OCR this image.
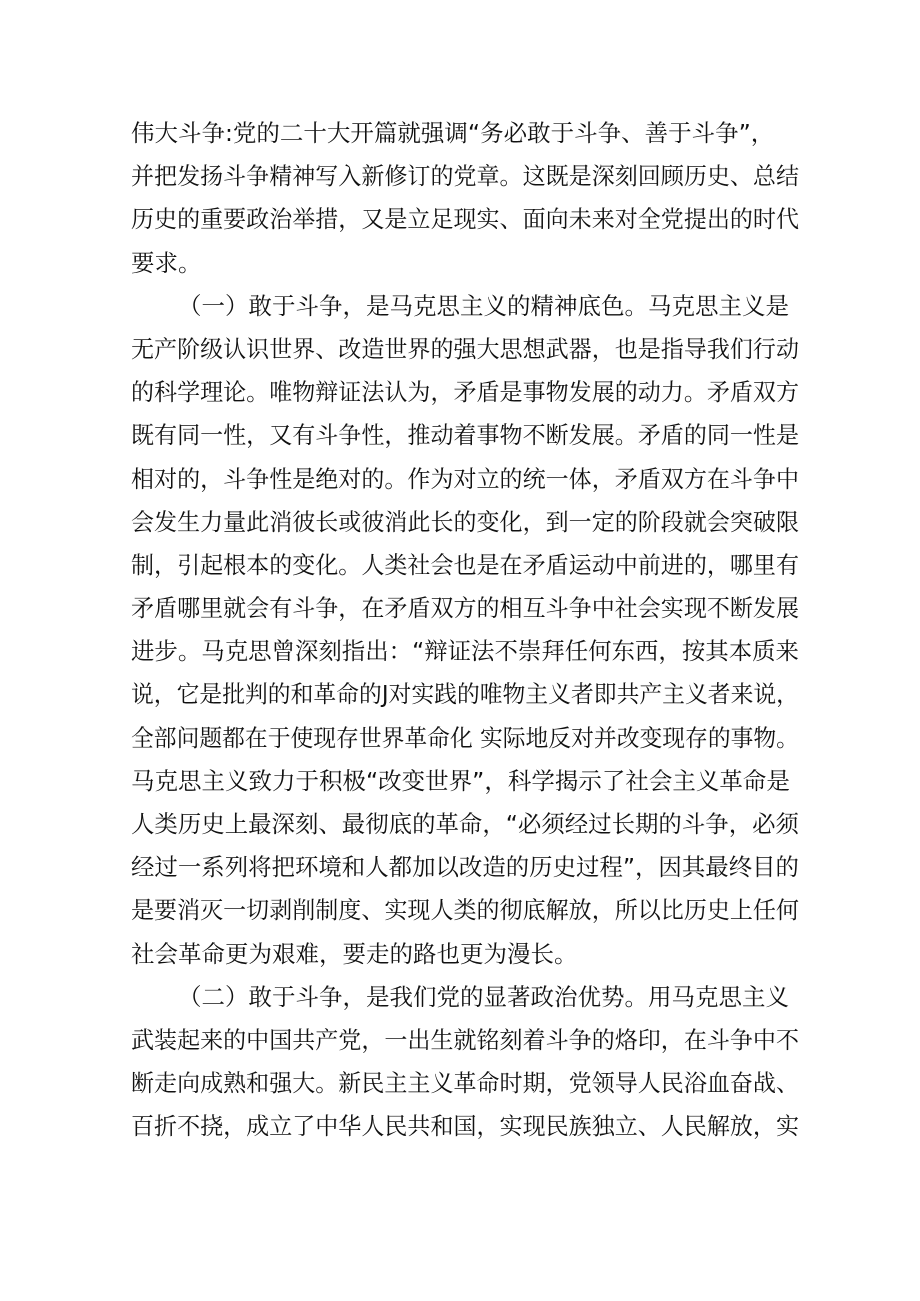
伟大斗争:党的二十大开篇就强调“务必敢于斗争、善于斗争”，
并把发扬斗争精神写入新修订的党章。这既是深刻回顾历史、总结
历史的重要政治举措，又是立足现实、面向未来对全党提出的时代
要求。
（一）敢于斗争，是马克思主义的精神底色。马克思主义是
无产阶级认识世界、改造世界的强大思想武器，也是指导我们行动
的科学理论。唯物辩证法认为，矛盾是事物发展的动力。矛盾双方
既有同一性，又有斗争性，推动着事物不断发展。矛盾的同一性是
相对的，斗争性是绝对的。作为对立的统一体，矛盾双方在斗争中
会发生力量此消彼长或彼消此长的变化，到一定的阶段就会突破限
制，引起根本的变化。人类社会也是在矛盾运动中前进的，哪里有
矛盾哪里就会有斗争，在矛盾双方的相互斗争中社会实现不断发展
进步。马克思曾深刻指出：“辩证法不崇拜任何东西，按其本质来
说，它是批判的和革命的J对实践的唯物主义者即共产主义者来说，
全部问题都在于使现存世界革命化 实际地反对并改变现存的事物。
马克思主义致力于积极“改变世界”，科学揭示了社会主义革命是
人类历史上最深刻、最彻底的革命，“必须经过长期的斗争，必须
经过一系列将把环境和人都加以改造的历史过程”，因其最终目的
是要消灭一切剥削制度、实现人类的彻底解放，所以比历史上任何
社会革命更为艰难，要走的路也更为漫长。
（二）敢于斗争，是我们党的显著政治优势。用马克思主义
武装起来的中国共产党，一出生就铭刻着斗争的烙印，在斗争中不
断走向成熟和强大。新民主主义革命时期，党领导人民浴血奋战、
百折不挠，成立了中华人民共和国，实现民族独立、人民解放，实
